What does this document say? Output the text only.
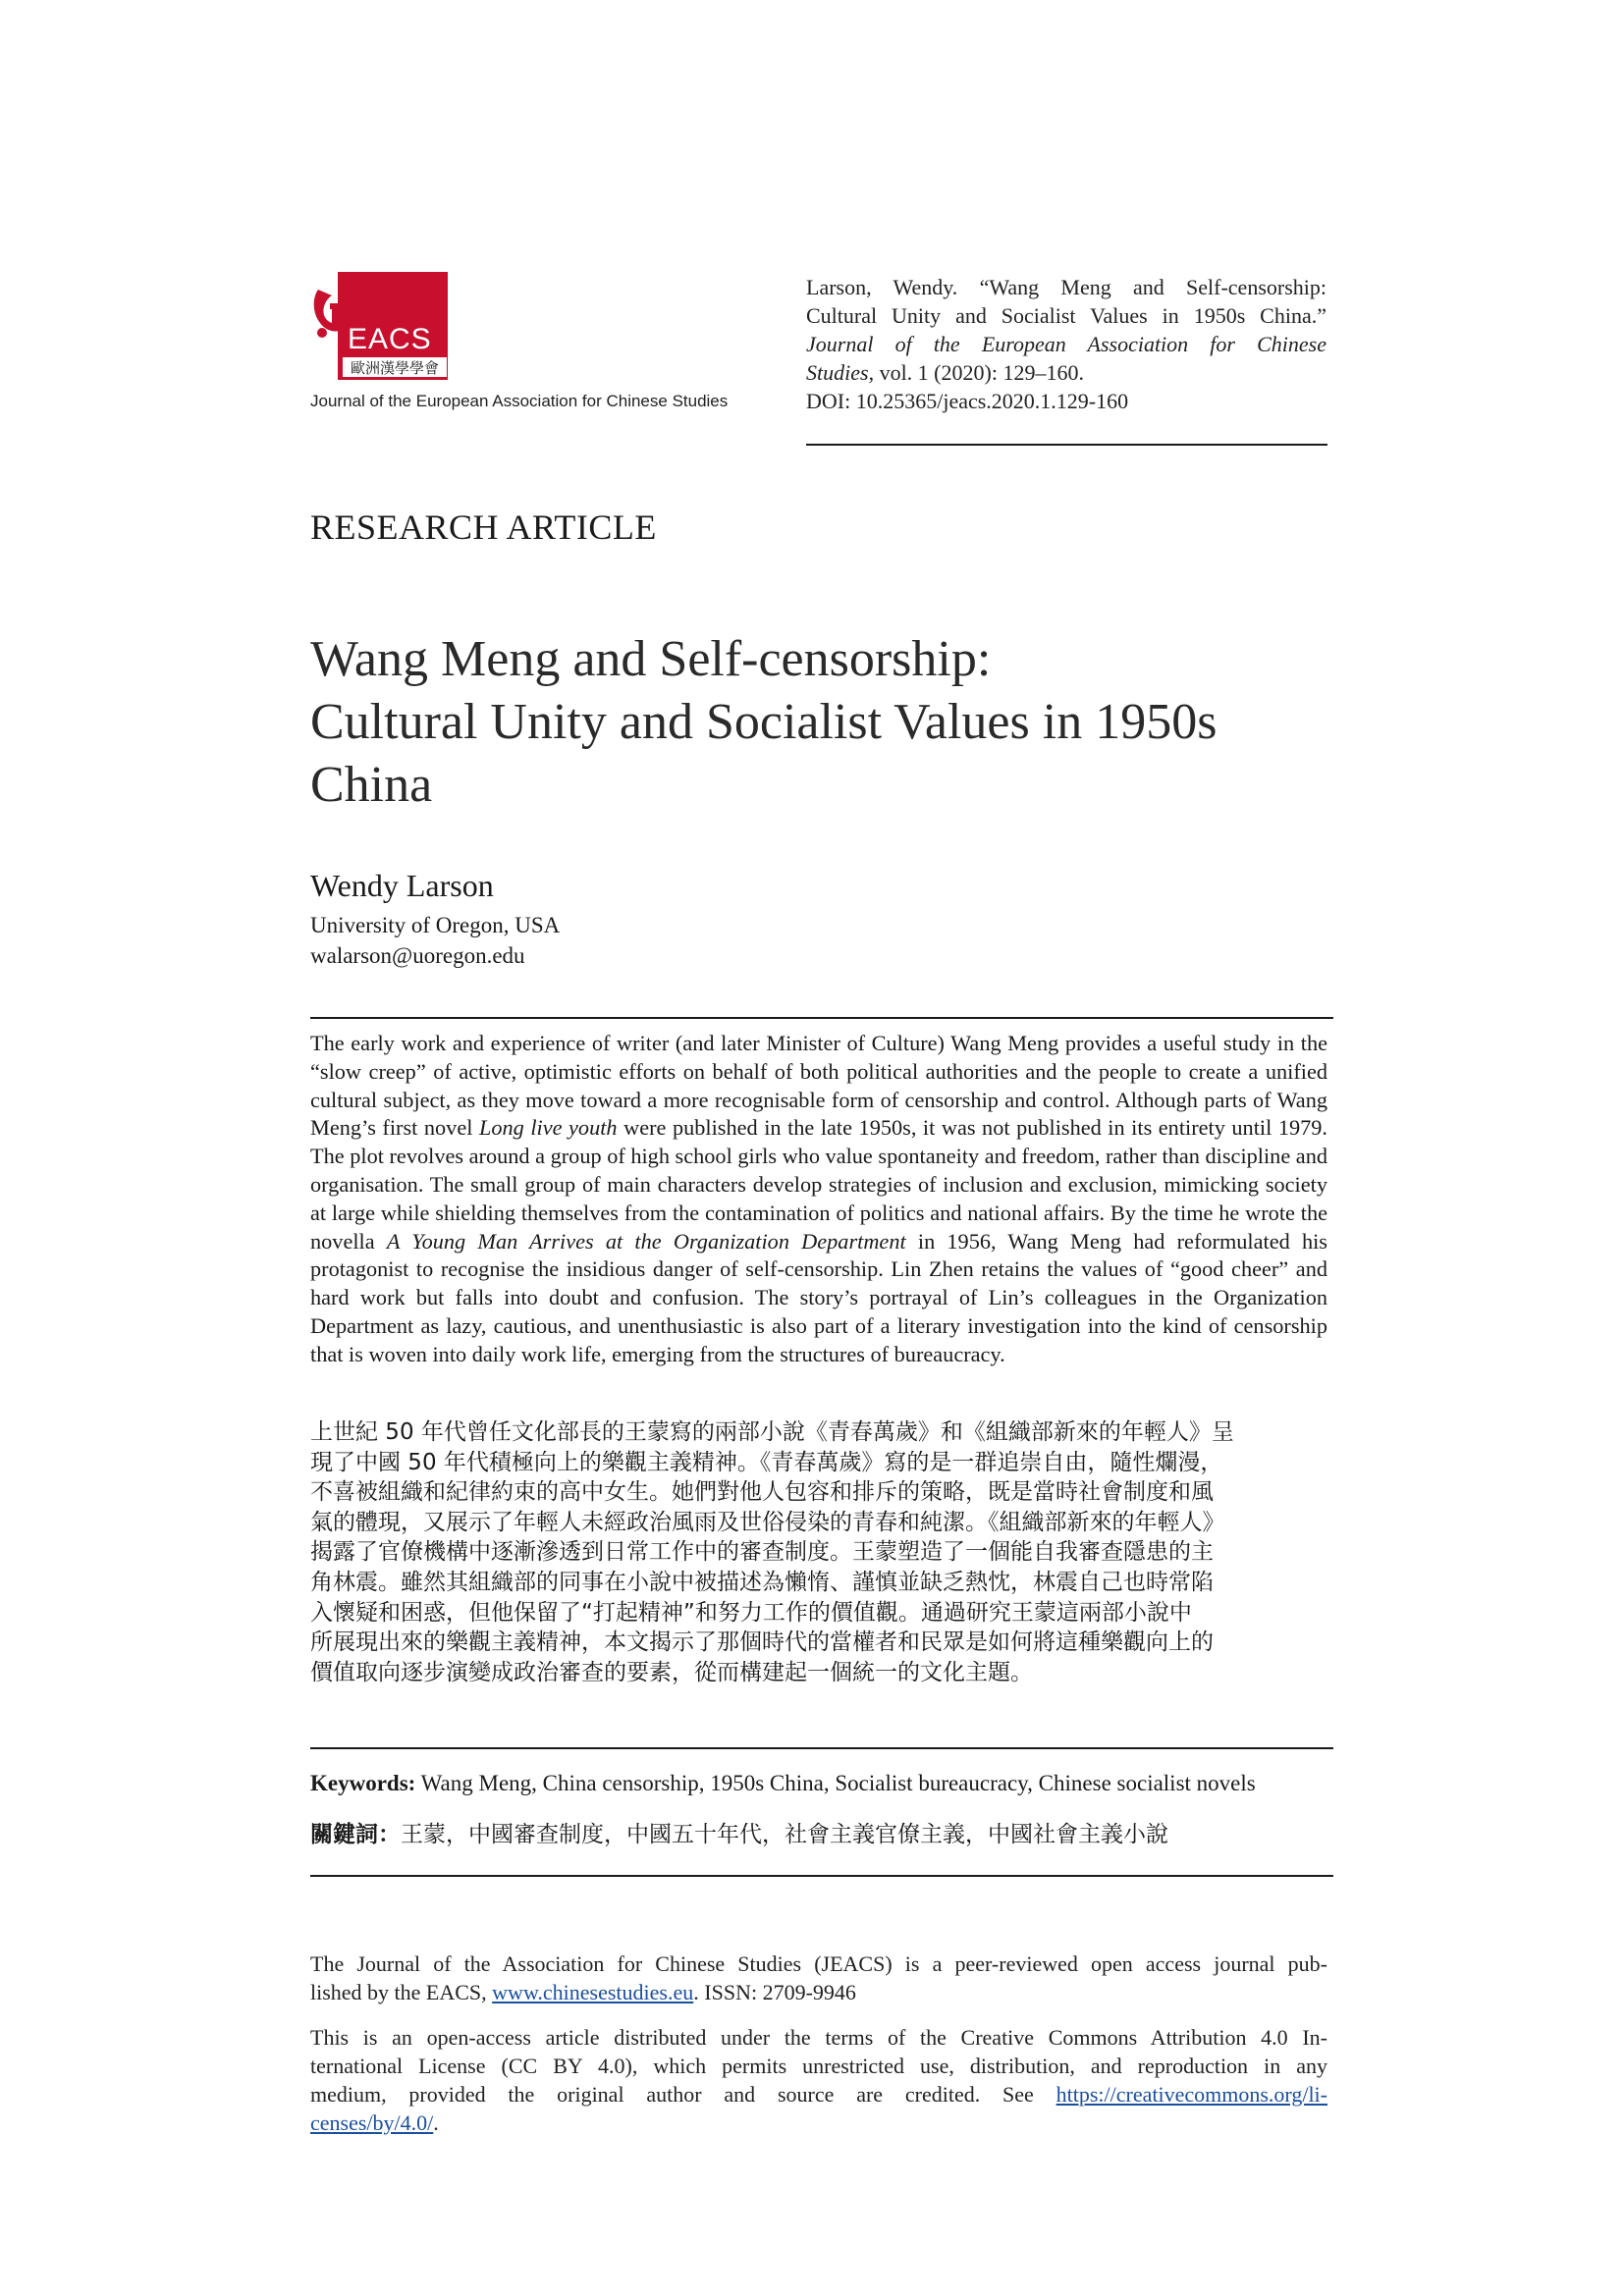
EACS
歐洲漢學學會
Journal of the European Association for Chinese Studies
Larson, Wendy. “Wang Meng and Self-censorship:
Cultural Unity and Socialist Values in 1950s China.”
Journal of the European Association for Chinese
Studies, vol. 1 (2020): 129–160.
DOI: 10.25365/jeacs.2020.1.129-160
RESEARCH ARTICLE
Wang Meng and Self-censorship:
Cultural Unity and Socialist Values in 1950s
China
Wendy Larson
University of Oregon, USA
walarson@uoregon.edu
The early work and experience of writer (and later Minister of Culture) Wang Meng provides a useful study in the “slow creep” of active, optimistic efforts on behalf of both political authorities and the people to create a unified cultural subject, as they move toward a more recognisable form of censorship and control. Although parts of Wang Meng’s first novel Long live youth were published in the late 1950s, it was not published in its entirety until 1979. The plot revolves around a group of high school girls who value spontaneity and freedom, rather than discipline and organisation. The small group of main characters develop strategies of inclusion and exclusion, mimicking society at large while shielding themselves from the contamination of politics and national affairs. By the time he wrote the novella A Young Man Arrives at the Organization Department in 1956, Wang Meng had reformulated his protagonist to recognise the insidious danger of self-censorship. Lin Zhen retains the values of “good cheer” and hard work but falls into doubt and confusion. The story’s portrayal of Lin’s colleagues in the Organization Department as lazy, cautious, and unenthusiastic is also part of a literary investigation into the kind of censorship that is woven into daily work life, emerging from the structures of bureaucracy.
上世紀 50 年代曾任文化部長的王蒙寫的兩部小說《青春萬歲》和《組織部新來的年輕人》呈
現了中國 50 年代積極向上的樂觀主義精神。《青春萬歲》寫的是一群追崇自由，隨性爛漫，
不喜被組織和紀律約束的高中女生。她們對他人包容和排斥的策略，既是當時社會制度和風
氣的體現，又展示了年輕人未經政治風雨及世俗侵染的青春和純潔。《組織部新來的年輕人》
揭露了官僚機構中逐漸滲透到日常工作中的審查制度。王蒙塑造了一個能自我審查隱患的主
角林震。雖然其組織部的同事在小說中被描述為懶惰、謹慎並缺乏熱忱，林震自己也時常陷
入懷疑和困惑，但他保留了“打起精神”和努力工作的價值觀。通過研究王蒙這兩部小說中
所展現出來的樂觀主義精神，本文揭示了那個時代的當權者和民眾是如何將這種樂觀向上的
價值取向逐步演變成政治審查的要素，從而構建起一個統一的文化主題。
Keywords: Wang Meng, China censorship, 1950s China, Socialist bureaucracy, Chinese socialist novels
關鍵詞：王蒙，中國審查制度，中國五十年代，社會主義官僚主義，中國社會主義小說
The Journal of the Association for Chinese Studies (JEACS) is a peer-reviewed open access journal pub-
lished by the EACS, www.chinesestudies.eu. ISSN: 2709-9946
This is an open-access article distributed under the terms of the Creative Commons Attribution 4.0 In-
ternational License (CC BY 4.0), which permits unrestricted use, distribution, and reproduction in any
medium, provided the original author and source are credited. See https://creativecommons.org/li-
censes/by/4.0/.
